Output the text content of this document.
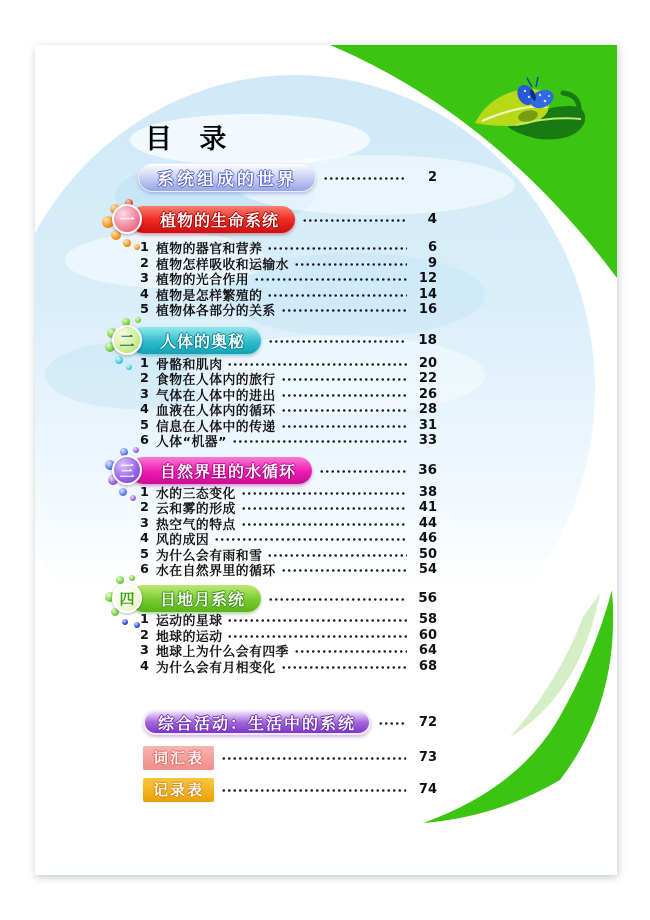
目 录
系统组成的世界	2
一	植物的生命系统	4
1 植物的器官和营养	6
2 植物怎样吸收和运输水	9
3 植物的光合作用	12
4 植物是怎样繁殖的	14
5 植物体各部分的关系	16
二	人体的奥秘	18
1 骨骼和肌肉	20
2 食物在人体内的旅行	22
3 气体在人体中的进出	26
4 血液在人体内的循环	28
5 信息在人体中的传递	31
6 人体“机器”	33
三	自然界里的水循环	36
1 水的三态变化	38
2 云和雾的形成	41
3 热空气的特点	44
4 风的成因	46
5 为什么会有雨和雪	50
6 水在自然界里的循环	54
四	日地月系统	56
1 运动的星球	58
2 地球的运动	60
3 地球上为什么会有四季	64
4 为什么会有月相变化	68
综合活动：生活中的系统	72
词汇表	73
记录表	74
